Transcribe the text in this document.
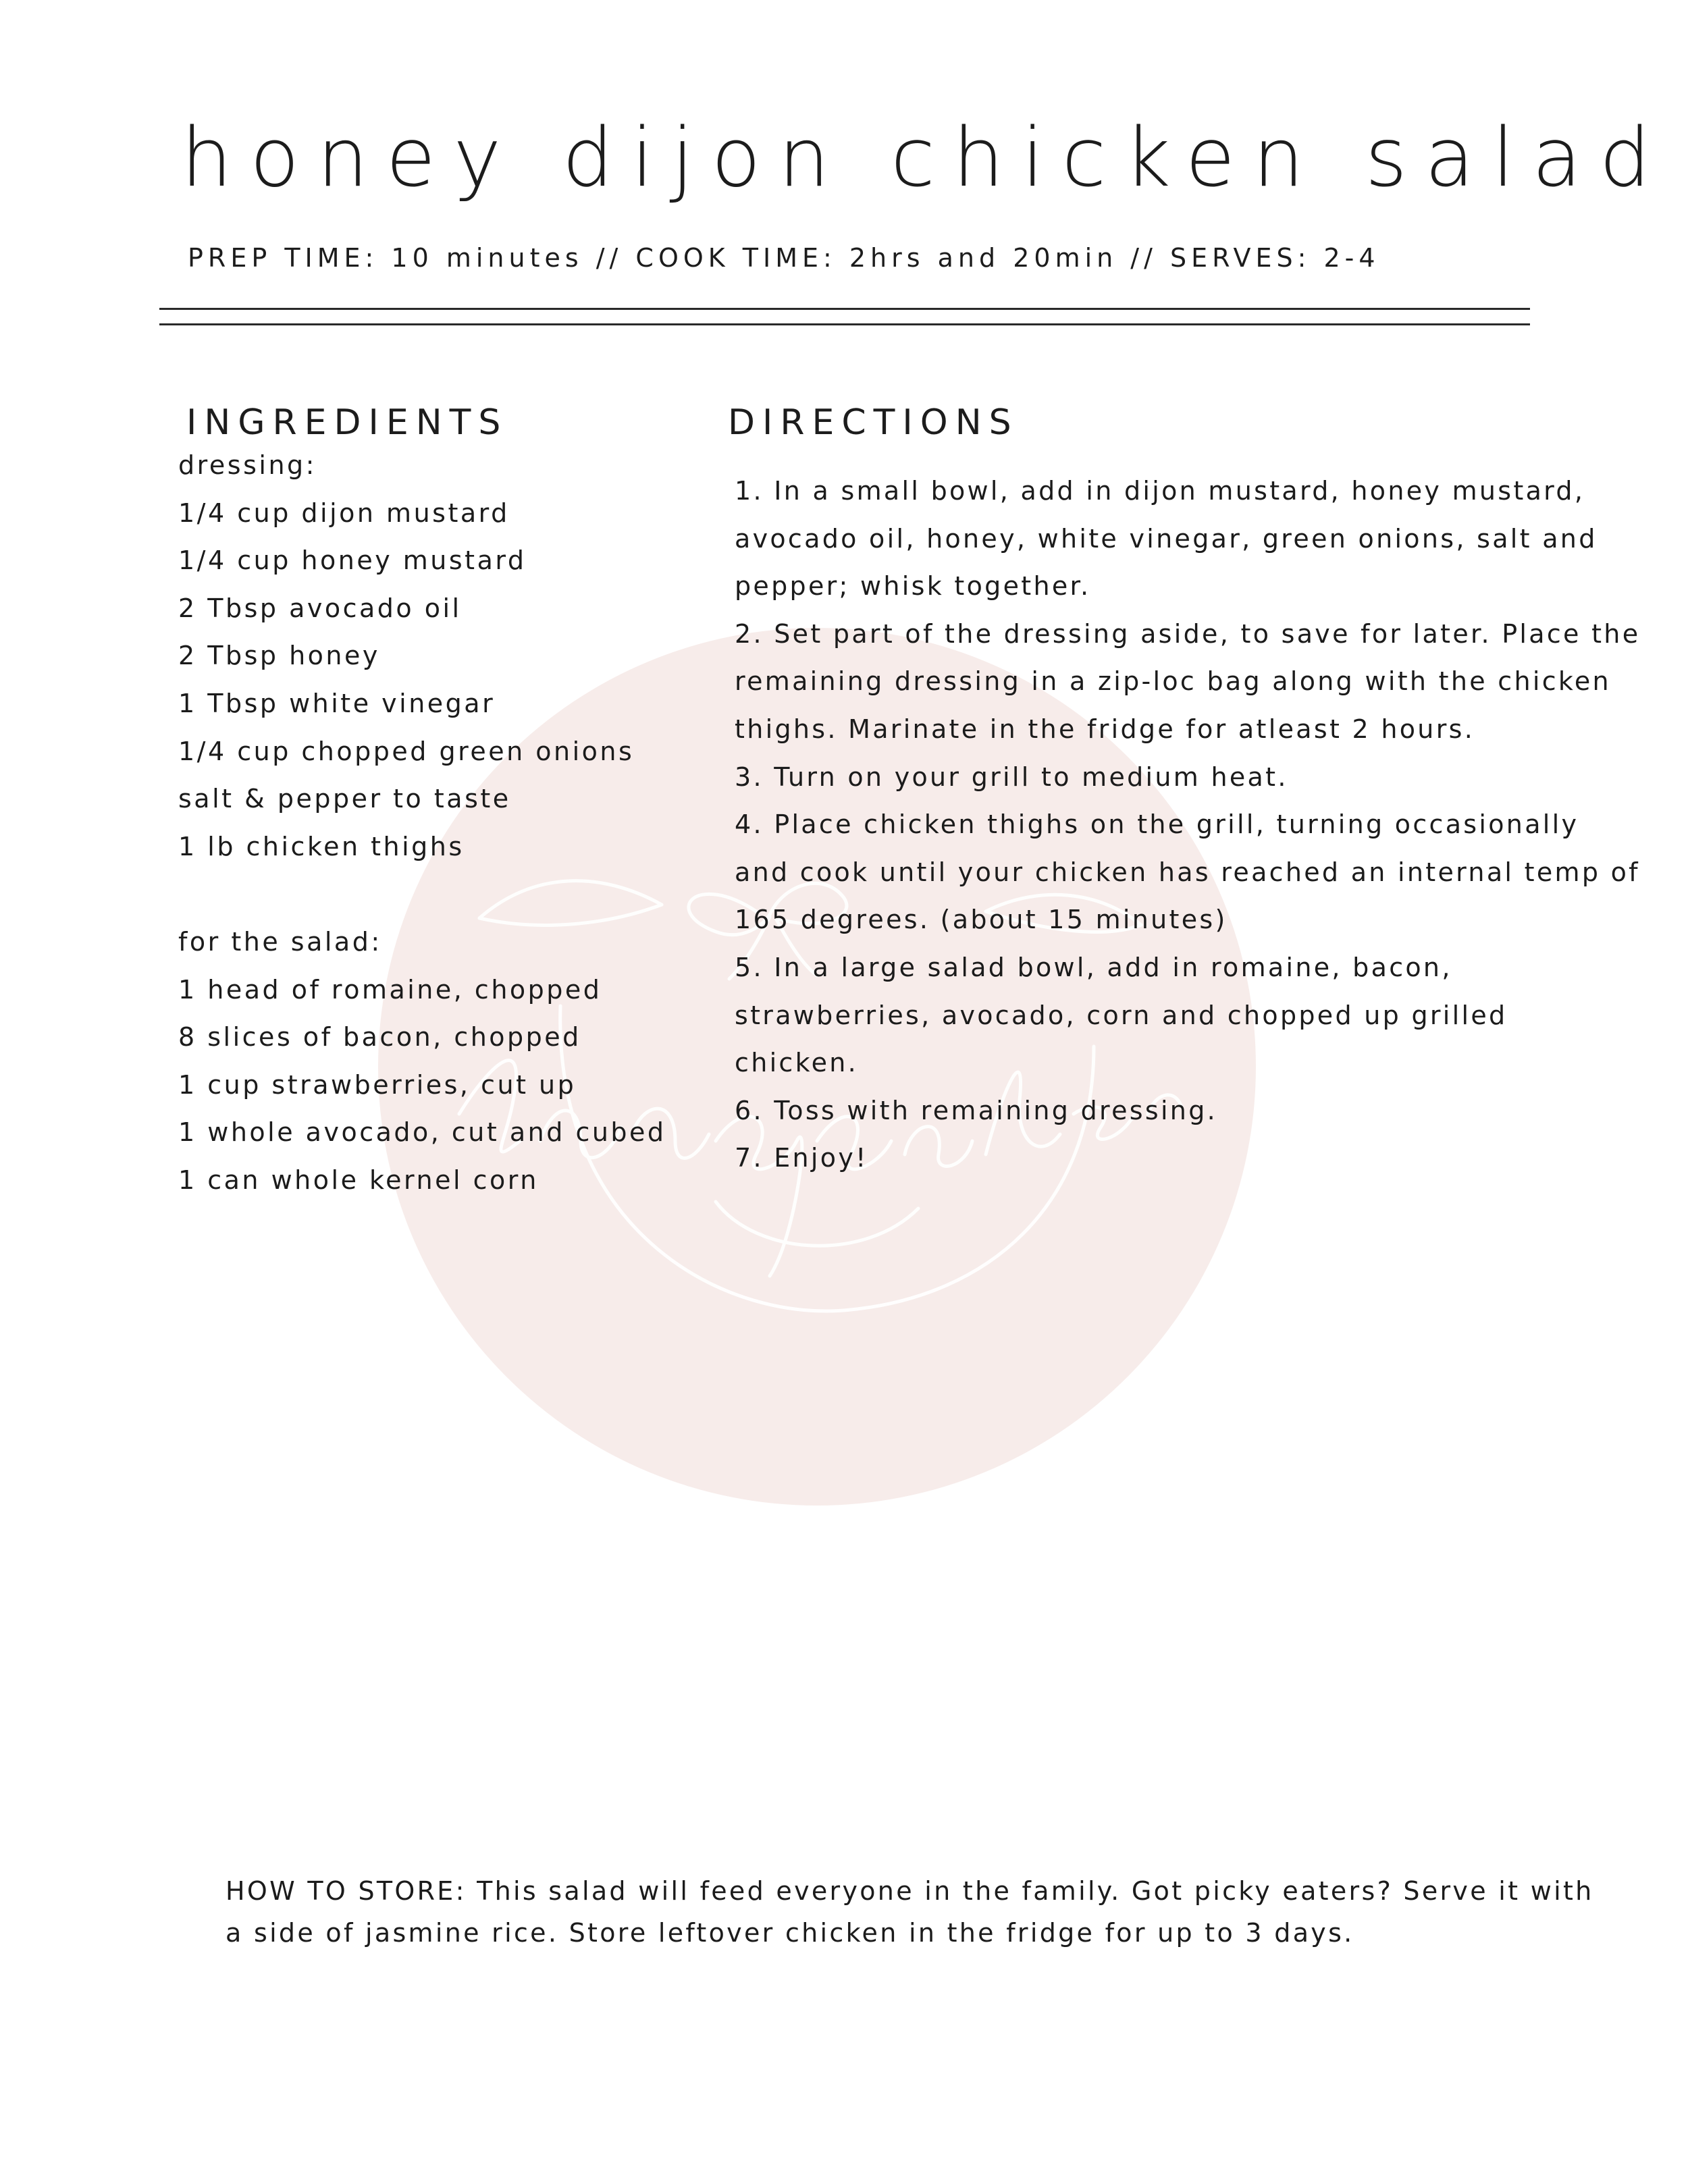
honey dijon chicken salad
PREP TIME: 10 minutes // COOK TIME: 2hrs and 20min // SERVES: 2-4
INGREDIENTS
dressing:
1/4 cup dijon mustard
1/4 cup honey mustard
2 Tbsp avocado oil
2 Tbsp honey
1 Tbsp white vinegar
1/4 cup chopped green onions
salt & pepper to taste
1 lb chicken thighs
for the salad:
1 head of romaine, chopped
8 slices of bacon, chopped
1 cup strawberries, cut up
1 whole avocado, cut and cubed
1 can whole kernel corn
DIRECTIONS
1. In a small bowl, add in dijon mustard, honey mustard,
avocado oil, honey, white vinegar, green onions, salt and
pepper; whisk together.
2. Set part of the dressing aside, to save for later. Place the
remaining dressing in a zip-loc bag along with the chicken
thighs. Marinate in the fridge for atleast 2 hours.
3. Turn on your grill to medium heat.
4. Place chicken thighs on the grill, turning occasionally
and cook until your chicken has reached an internal temp of
165 degrees. (about 15 minutes)
5. In a large salad bowl, add in romaine, bacon,
strawberries, avocado, corn and chopped up grilled
chicken.
6. Toss with remaining dressing.
7. Enjoy!
HOW TO STORE: This salad will feed everyone in the family. Got picky eaters? Serve it with
a side of jasmine rice. Store leftover chicken in the fridge for up to 3 days.
